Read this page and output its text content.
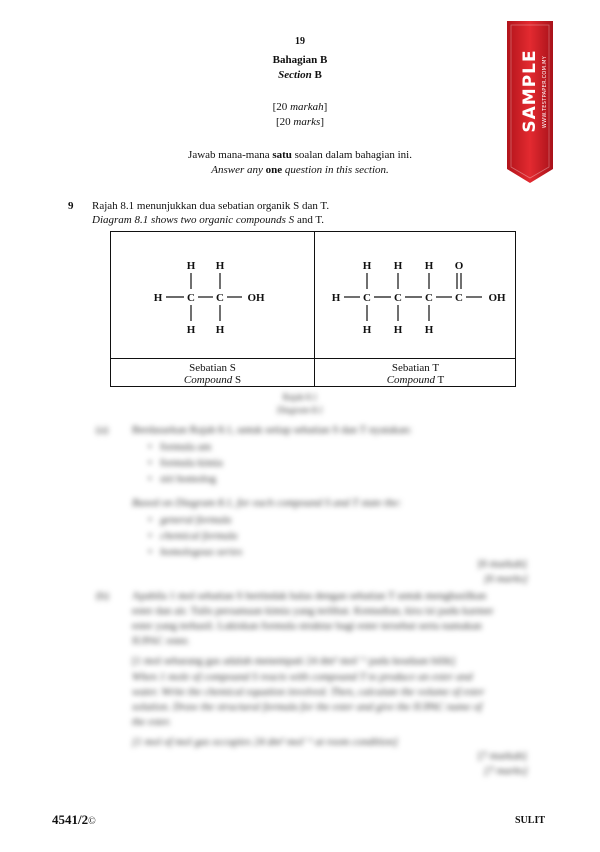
19
Bahagian B
Section B
[20 markah]
[20 marks]
Jawab mana-mana satu soalan dalam bahagian ini.
Answer any one question in this section.
SAMPLE WWW.TESTPAPER.COM.MY
9 Rajah 8.1 menunjukkan dua sebatian organik S dan T.
Diagram 8.1 shows two organic compounds S and T.
H H
H C C OH
H H
H H H O
H C C C C OH
H H H
Sebatian S
Compound S
Sebatian T
Compound T
Rajah 8.1
Diagram 8.1
(a) Berdasarkan Rajah 8.1, untuk setiap sebatian S dan T nyatakan:
•   formula am
•   formula kimia
•   siri homolog
Based on Diagram 8.1, for each compound S and T state the:
•   general formula
•   chemical formula
•   homologous series
[6 markah]
[6 marks]
(b) Apabila 1 mol sebatian S bertindak balas dengan sebatian T untuk menghasilkan
ester dan air. Tulis persamaan kimia yang terlibat. Kemudian, kira isi padu karmer
ester yang terhasil. Lukiskan formula struktur bagi ester tersebut serta namakan
IUPAC ester.
[1 mol sebarang gas adalah menempati 24 dm³ mol⁻¹ pada keadaan bilik]
When 1 mole of compound S reacts with compound T to produce an ester and
water. Write the chemical equation involved. Then, calculate the volume of ester
solution. Draw the structural formula for the ester and give the IUPAC name of
the ester.
[1 mol of mol gas occupies 24 dm³ mol⁻¹ at room condition]
[7 markah]
[7 marks]
4541/2©	SULIT
